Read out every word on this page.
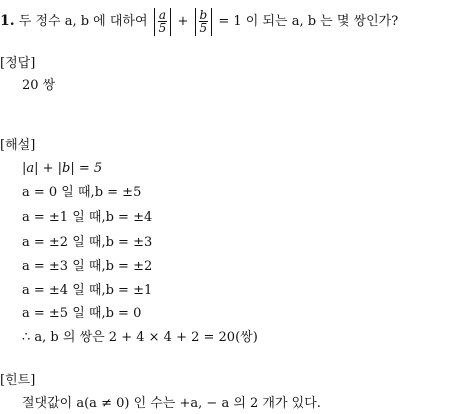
1. 두 정수 a, b 에 대하여 $\frac{a}{5} + \frac{b}{5} = 1$ 이 되는 a, b 는 몇 쌍인가?
[정답]
20 쌍
[해설]
|a| + |b| = 5
a = 0 일 때,b = ±5
a = ±1 일 때,b = ±4
a = ±2 일 때,b = ±3
a = ±3 일 때,b = ±2
a = ±4 일 때,b = ±1
a = ±5 일 때,b = 0
∴ a, b 의 쌍은 2 + 4 × 4 + 2 = 20(쌍)
[힌트]
절댓값이 a(a ≠ 0) 인 수는 +a, − a 의 2 개가 있다.
